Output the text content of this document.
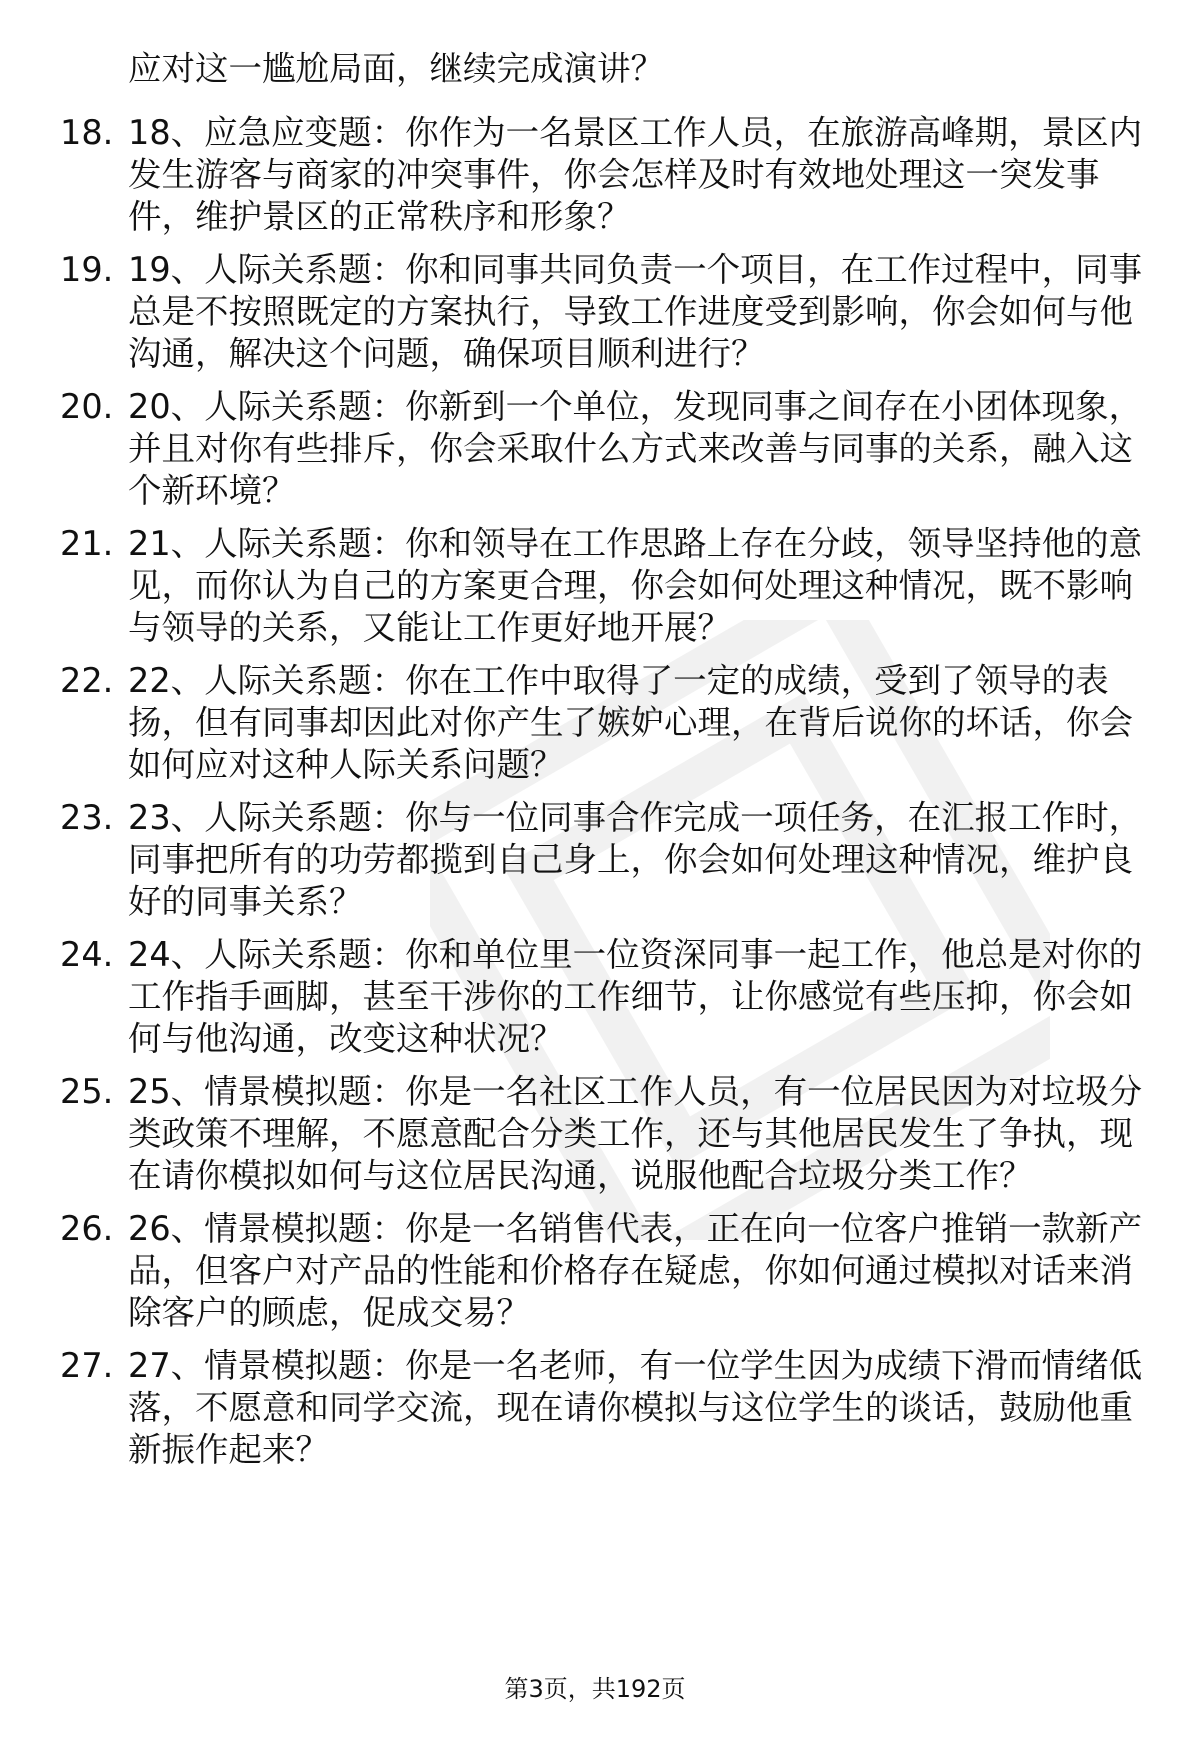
应对这一尴尬局面，继续完成演讲？

18. 18、应急应变题：你作为一名景区工作人员，在旅游高峰期，景区内发生游客与商家的冲突事件，你会怎样及时有效地处理这一突发事件，维护景区的正常秩序和形象？

19. 19、人际关系题：你和同事共同负责一个项目，在工作过程中，同事总是不按照既定的方案执行，导致工作进度受到影响，你会如何与他沟通，解决这个问题，确保项目顺利进行？

20. 20、人际关系题：你新到一个单位，发现同事之间存在小团体现象，并且对你有些排斥，你会采取什么方式来改善与同事的关系，融入这个新环境？

21. 21、人际关系题：你和领导在工作思路上存在分歧，领导坚持他的意见，而你认为自己的方案更合理，你会如何处理这种情况，既不影响与领导的关系，又能让工作更好地开展？

22. 22、人际关系题：你在工作中取得了一定的成绩，受到了领导的表扬，但有同事却因此对你产生了嫉妒心理，在背后说你的坏话，你会如何应对这种人际关系问题？

23. 23、人际关系题：你与一位同事合作完成一项任务，在汇报工作时，同事把所有的功劳都揽到自己身上，你会如何处理这种情况，维护良好的同事关系？

24. 24、人际关系题：你和单位里一位资深同事一起工作，他总是对你的工作指手画脚，甚至干涉你的工作细节，让你感觉有些压抑，你会如何与他沟通，改变这种状况？

25. 25、情景模拟题：你是一名社区工作人员，有一位居民因为对垃圾分类政策不理解，不愿意配合分类工作，还与其他居民发生了争执，现在请你模拟如何与这位居民沟通，说服他配合垃圾分类工作？

26. 26、情景模拟题：你是一名销售代表，正在向一位客户推销一款新产品，但客户对产品的性能和价格存在疑虑，你如何通过模拟对话来消除客户的顾虑，促成交易？

27. 27、情景模拟题：你是一名老师，有一位学生因为成绩下滑而情绪低落，不愿意和同学交流，现在请你模拟与这位学生的谈话，鼓励他重新振作起来？

第3页，共192页
